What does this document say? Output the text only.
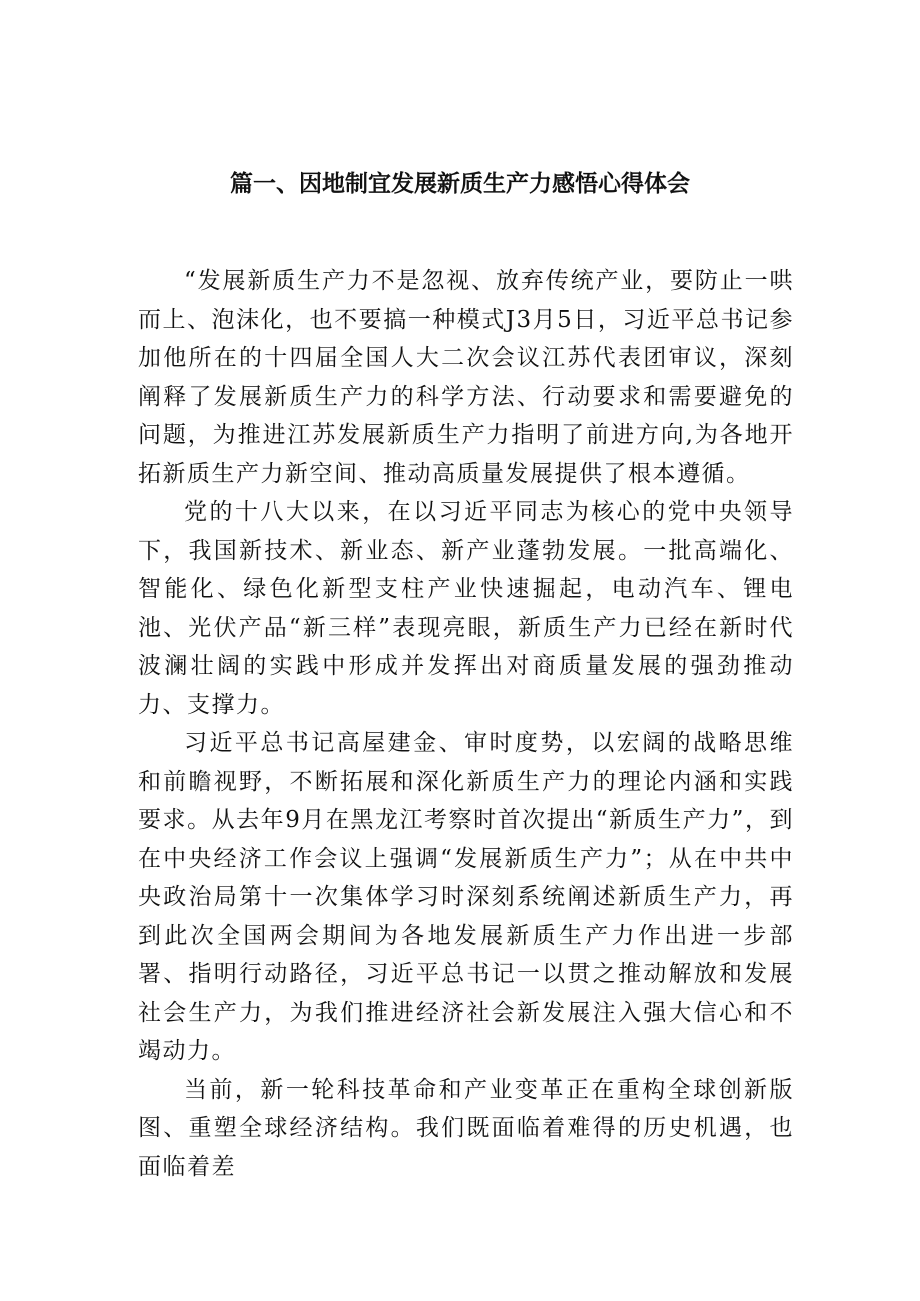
篇一、因地制宜发展新质生产力感悟心得体会

“发展新质生产力不是忽视、放弃传统产业，要防止一哄而上、泡沫化，也不要搞一种模式J3月5日，习近平总书记参加他所在的十四届全国人大二次会议江苏代表团审议，深刻阐释了发展新质生产力的科学方法、行动要求和需要避免的问题，为推进江苏发展新质生产力指明了前进方向,为各地开拓新质生产力新空间、推动高质量发展提供了根本遵循。

党的十八大以来，在以习近平同志为核心的党中央领导下，我国新技术、新业态、新产业蓬勃发展。一批高端化、智能化、绿色化新型支柱产业快速掘起，电动汽车、锂电池、光伏产品“新三样”表现亮眼，新质生产力已经在新时代波澜壮阔的实践中形成并发挥出对商质量发展的强劲推动力、支撑力。

习近平总书记高屋建金、审时度势，以宏阔的战略思维和前瞻视野，不断拓展和深化新质生产力的理论内涵和实践要求。从去年9月在黑龙江考察时首次提出“新质生产力”，到在中央经济工作会议上强调“发展新质生产力”；从在中共中央政治局第十一次集体学习时深刻系统阐述新质生产力，再到此次全国两会期间为各地发展新质生产力作出进一步部署、指明行动路径，习近平总书记一以贯之推动解放和发展社会生产力，为我们推进经济社会新发展注入强大信心和不竭动力。

当前，新一轮科技革命和产业变革正在重构全球创新版图、重塑全球经济结构。我们既面临着难得的历史机遇，也面临着差
